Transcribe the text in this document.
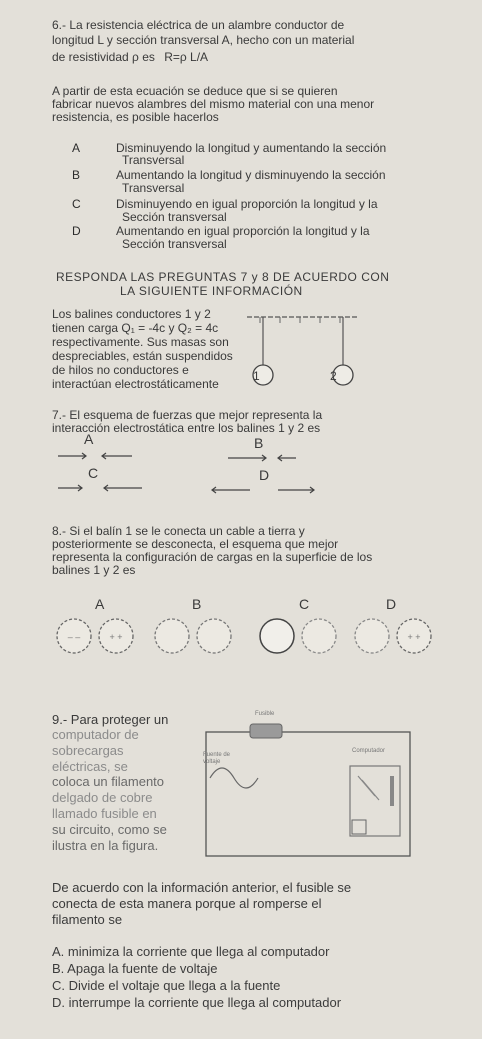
6.- La resistencia eléctrica de un alambre conductor de
longitud L y sección transversal A, hecho con un material
de resistividad ρ es R=ρ L/A
A partir de esta ecuación se deduce que si se quieren
fabricar nuevos alambres del mismo material con una menor
resistencia, es posible hacerlos
A	Disminuyendo la longitud y aumentando la sección
Transversal
B	Aumentando la longitud y disminuyendo la sección
Transversal
C	Disminuyendo en igual proporción la longitud y la
Sección transversal
D	Aumentando en igual proporción la longitud y la
Sección transversal
RESPONDA LAS PREGUNTAS 7 y 8 DE ACUERDO CON
LA SIGUIENTE INFORMACIÓN
Los balines conductores 1 y 2
tienen carga Q₁ = -4c y Q₂ = 4c
respectivamente. Sus masas son
despreciables, están suspendidos
de hilos no conductores e
interactúan electrostáticamente
1	2
7.- El esquema de fuerzas que mejor representa la
interacción electrostática entre los balines 1 y 2 es
A	B
C	D
8.- Si el balín 1 se le conecta un cable a tierra y
posteriormente se desconecta, el esquema que mejor
representa la configuración de cargas en la superficie de los
balines 1 y 2 es
A	B	C	D
– –	+ +	+ +
9.- Para proteger un
computador de
sobrecargas
eléctricas, se
coloca un filamento
delgado de cobre
llamado fusible en
su circuito, como se
ilustra en la figura.
Fusible
Computador
Fuente de voltaje
De acuerdo con la información anterior, el fusible se
conecta de esta manera porque al romperse el
filamento se
A. minimiza la corriente que llega al computador
B. Apaga la fuente de voltaje
C. Divide el voltaje que llega a la fuente
D. interrumpe la corriente que llega al computador
